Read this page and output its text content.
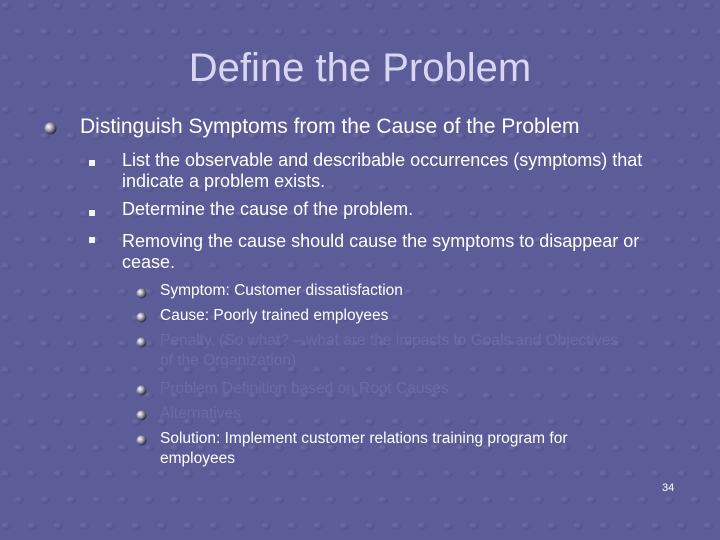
Define the Problem
Distinguish Symptoms from the Cause of the Problem
List the observable and describable occurrences (symptoms) that indicate a problem exists.
Determine the cause of the problem.
Removing the cause should cause the symptoms to disappear or cease.
Symptom: Customer dissatisfaction
Cause: Poorly trained employees
Penalty. (So what? – what are the impacts to Goals and Objectives of the Organization)
Problem Definition based on Root Causes
Alternatives
Solution: Implement customer relations training program for employees
34
